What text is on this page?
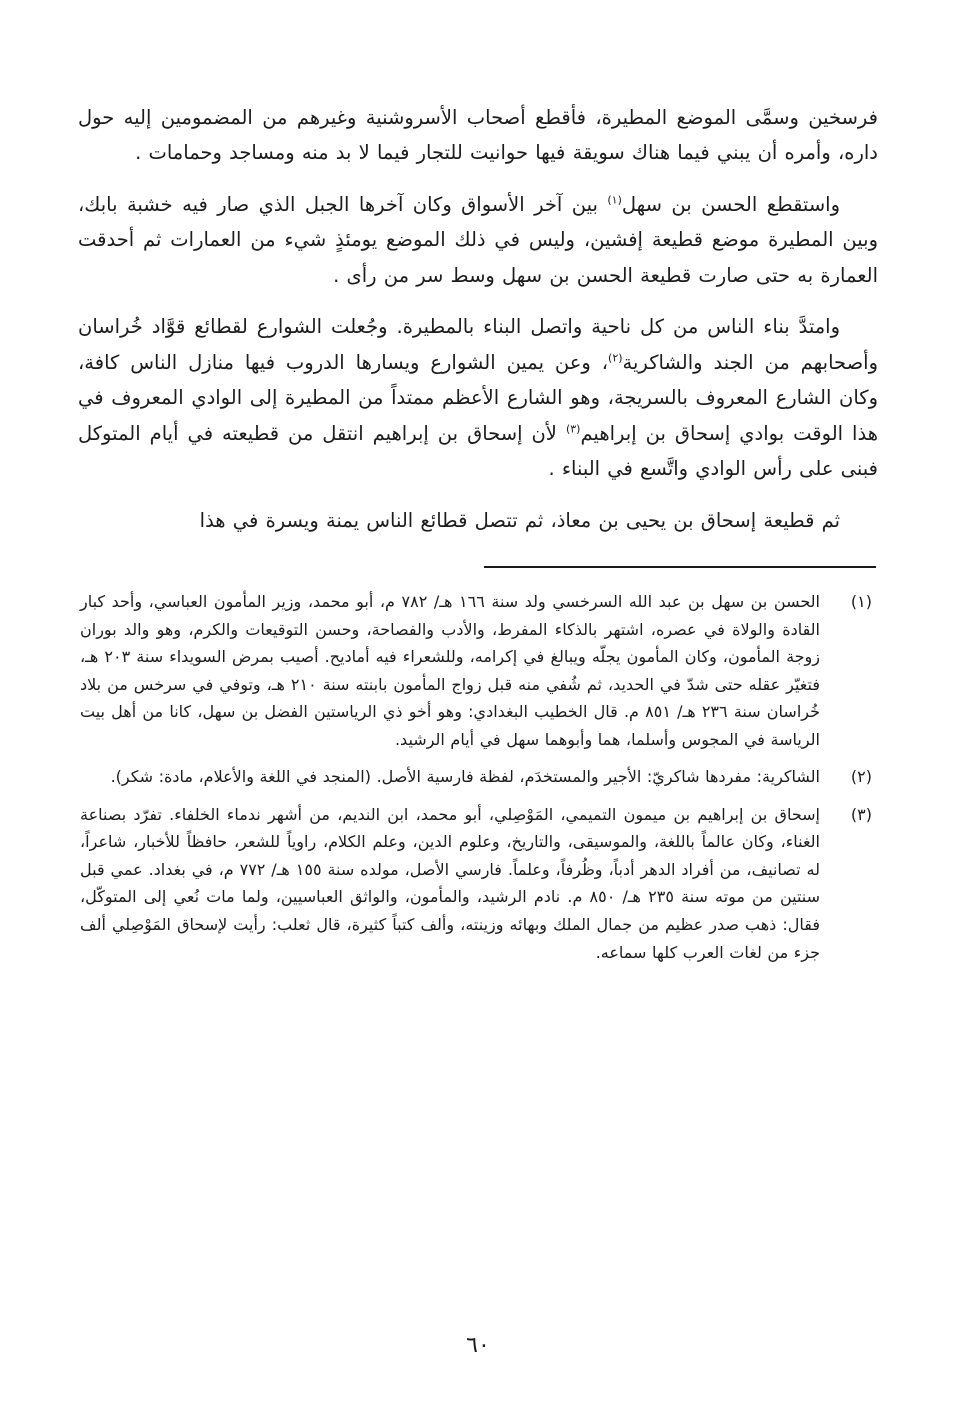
فرسخين وسمَّى الموضع المطيرة، فأقطع أصحاب الأسروشنية وغيرهم من المضمومين إليه حول داره، وأمره أن يبني فيما هناك سويقة فيها حوانيت للتجار فيما لا بد منه ومساجد وحمامات .

واستقطع الحسن بن سهل$^{(١)}$ بين آخر الأسواق وكان آخرها الجبل الذي صار فيه خشبة بابك، وبين المطيرة موضع قطيعة إفشين، وليس في ذلك الموضع يومئذٍ شيء من العمارات ثم أحدقت العمارة به حتى صارت قطيعة الحسن بن سهل وسط سر من رأى .

وامتدَّ بناء الناس من كل ناحية واتصل البناء بالمطيرة. وجُعلت الشوارع لقطائع قوَّاد خُراسان وأصحابهم من الجند والشاكرية$^{(٢)}$، وعن يمين الشوارع ويسارها الدروب فيها منازل الناس كافة، وكان الشارع المعروف بالسريجة، وهو الشارع الأعظم ممتداً من المطيرة إلى الوادي المعروف في هذا الوقت بوادي إسحاق بن إبراهيم$^{(٣)}$ لأن إسحاق بن إبراهيم انتقل من قطيعته في أيام المتوكل فبنى على رأس الوادي واتَّسع في البناء .

ثم قطيعة إسحاق بن يحيى بن معاذ، ثم تتصل قطائع الناس يمنة ويسرة في هذا

(١)
الحسن بن سهل بن عبد الله السرخسي ولد سنة ١٦٦ هـ/ ٧٨٢ م، أبو محمد، وزير المأمون العباسي، وأحد كبار القادة والولاة في عصره، اشتهر بالذكاء المفرط، والأدب والفصاحة، وحسن التوقيعات والكرم، وهو والد بوران زوجة المأمون، وكان المأمون يجلّه ويبالغ في إكرامه، وللشعراء فيه أماديح. أصيب بمرض السويداء سنة ٢٠٣ هـ، فتغيّر عقله حتى شدّ في الحديد، ثم شُفي منه قبل زواج المأمون بابنته سنة ٢١٠ هـ، وتوفي في سرخس من بلاد خُراسان سنة ٢٣٦ هـ/ ٨٥١ م. قال الخطيب البغدادي: وهو أخو ذي الرياستين الفضل بن سهل، كانا من أهل بيت الرياسة في المجوس وأسلما، هما وأبوهما سهل في أيام الرشيد.
(٢)
الشاكرية: مفردها شاكريّ: الأجير والمستخدَم، لفظة فارسية الأصل. (المنجد في اللغة والأعلام، مادة: شكر).
(٣)
إسحاق بن إبراهيم بن ميمون التميمي، المَوْصِلي، أبو محمد، ابن النديم، من أشهر ندماء الخلفاء. تفرّد بصناعة الغناء، وكان عالماً باللغة، والموسيقى، والتاريخ، وعلوم الدين، وعلم الكلام، راوياً للشعر، حافظاً للأخبار، شاعراً، له تصانيف، من أفراد الدهر أدباً، وظُرفاً، وعلماً. فارسي الأصل، مولده سنة ١٥٥ هـ/ ٧٧٢ م، في بغداد. عمي قبل سنتين من موته سنة ٢٣٥ هـ/ ٨٥٠ م. نادم الرشيد، والمأمون، والواثق العباسيين، ولما مات نُعي إلى المتوكّل، فقال: ذهب صدر عظيم من جمال الملك وبهائه وزينته، وألف كتباً كثيرة، قال ثعلب: رأيت لإسحاق المَوْصِلي ألف جزء من لغات العرب كلها سماعه.
٦٠
